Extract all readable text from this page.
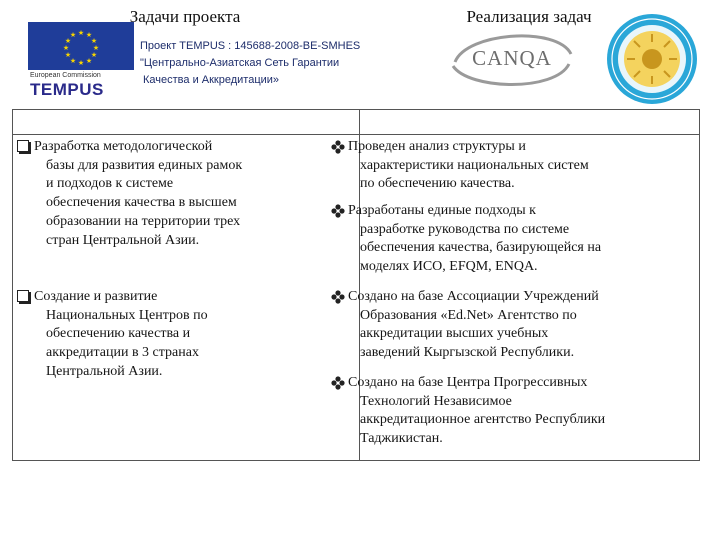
★ ★
★
★
★
★
★
★
★
★
★
★
European Commission
TEMPUS
Проект TEMPUS : 145688-2008-BE-SMHES
"Центрально-Азиатская Сеть Гарантии
Качества и Аккредитации»
CANQA
Задачи проекта	Реализация задач
Разработка методологической
базы для развития единых рамок
и подходов к системе
обеспечения качества в высшем
образовании на территории трех
стран Центральной Азии.
Создание и развитие
Национальных Центров по
обеспечению качества и
аккредитации в 3 странах
Центральной Азии.
Проведен анализ структуры и
характеристики национальных систем
по обеспечению качества.
Разработаны единые подходы к
разработке руководства по системе
обеспечения качества, базирующейся на
моделях ИСО, EFQM, ENQA.
Создано на базе Ассоциации Учреждений
Образования «Ed.Net» Агентство по
аккредитации высших учебных
заведений Кыргызской Республики.
Создано на базе Центра Прогрессивных
Технологий Независимое
аккредитационное агентство Республики
Таджикистан.
